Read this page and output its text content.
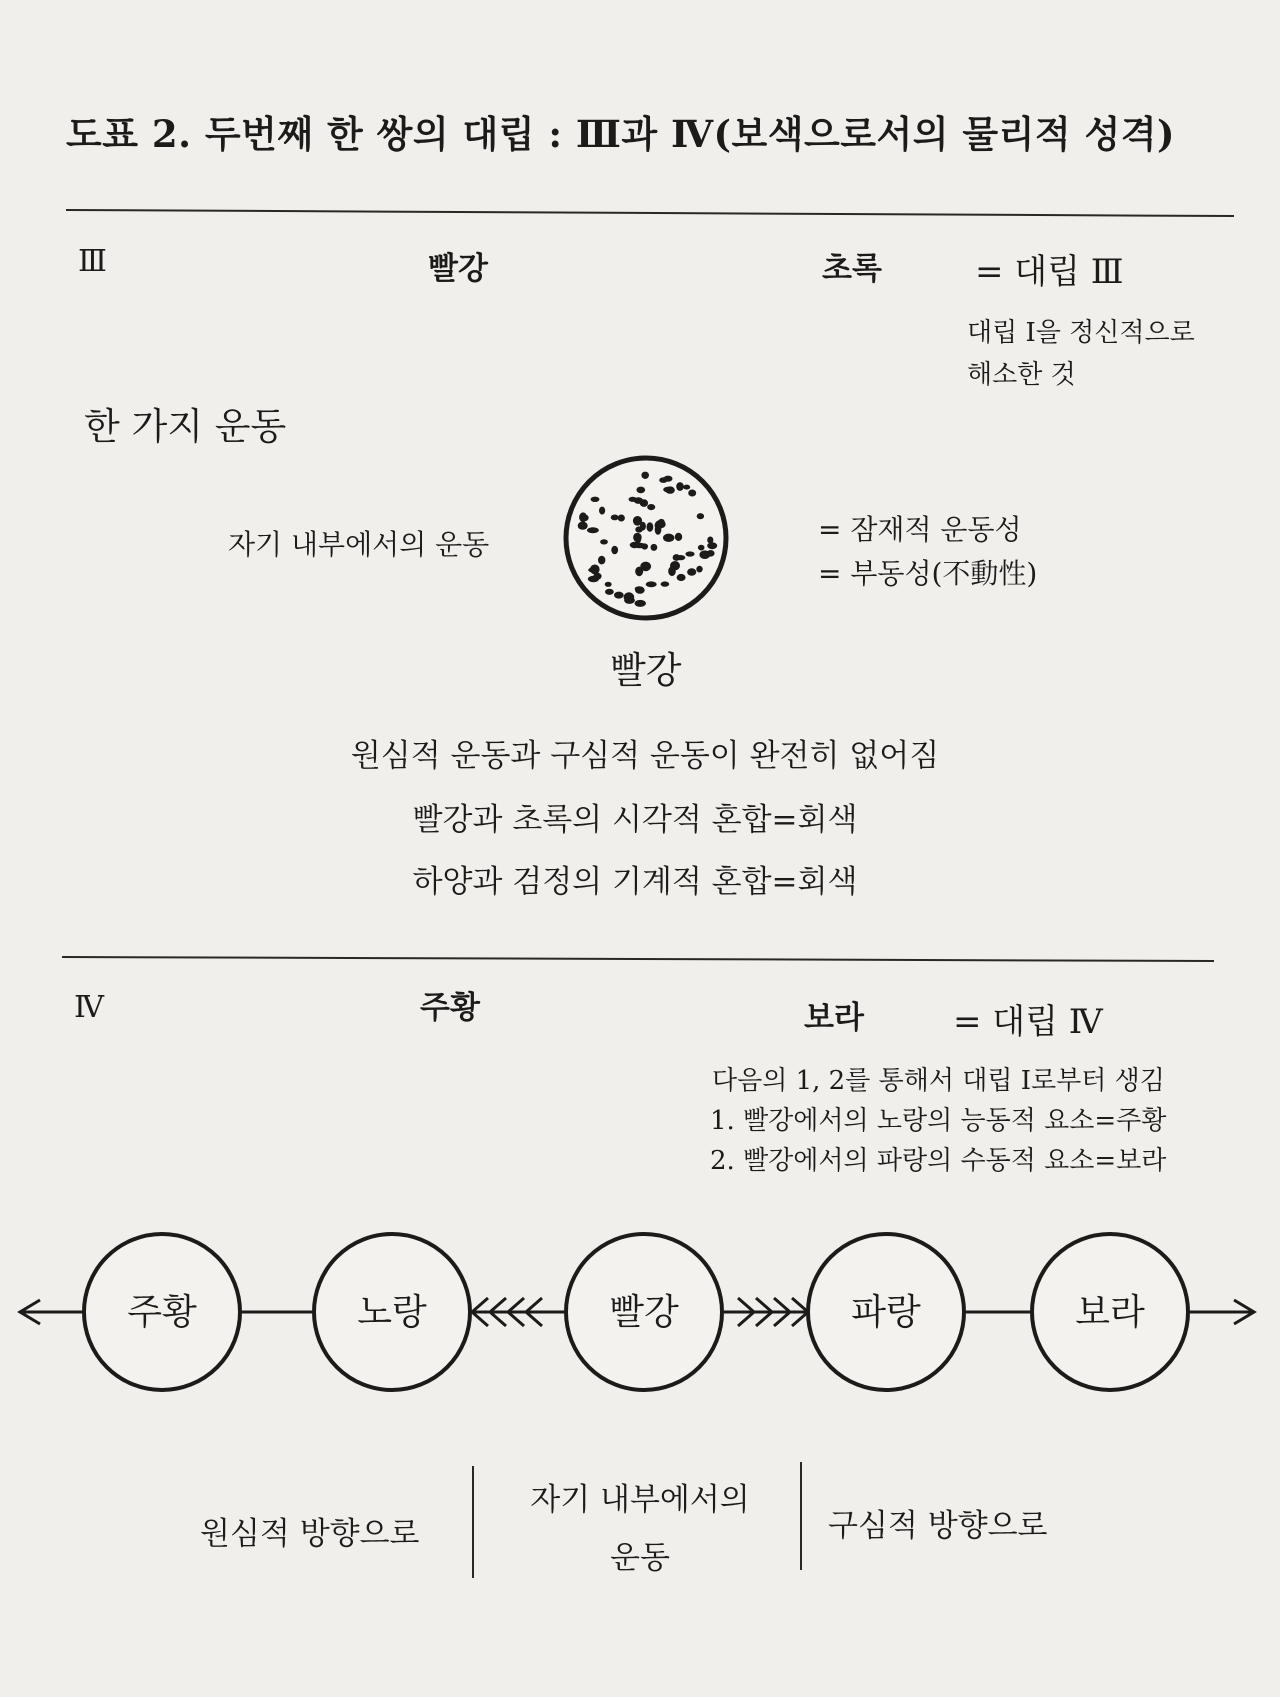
도표 2. 두번째 한 쌍의 대립 : Ⅲ과 Ⅳ(보색으로서의 물리적 성격)
Ⅲ	빨강	초록	= 대립 Ⅲ
대립 Ⅰ을 정신적으로
해소한 것
한 가지 운동
자기 내부에서의 운동	= 잠재적 운동성
= 부동성(不動性)
빨강
원심적 운동과 구심적 운동이 완전히 없어짐
빨강과 초록의 시각적 혼합=회색
하양과 검정의 기계적 혼합=회색
Ⅳ	주황	보라	= 대립 Ⅳ
다음의 1, 2를 통해서 대립 Ⅰ로부터 생김
1. 빨강에서의 노랑의 능동적 요소=주황
2. 빨강에서의 파랑의 수동적 요소=보라
주황	노랑	빨강	파랑	보라
원심적 방향으로
자기 내부에서의
운동
구심적 방향으로
